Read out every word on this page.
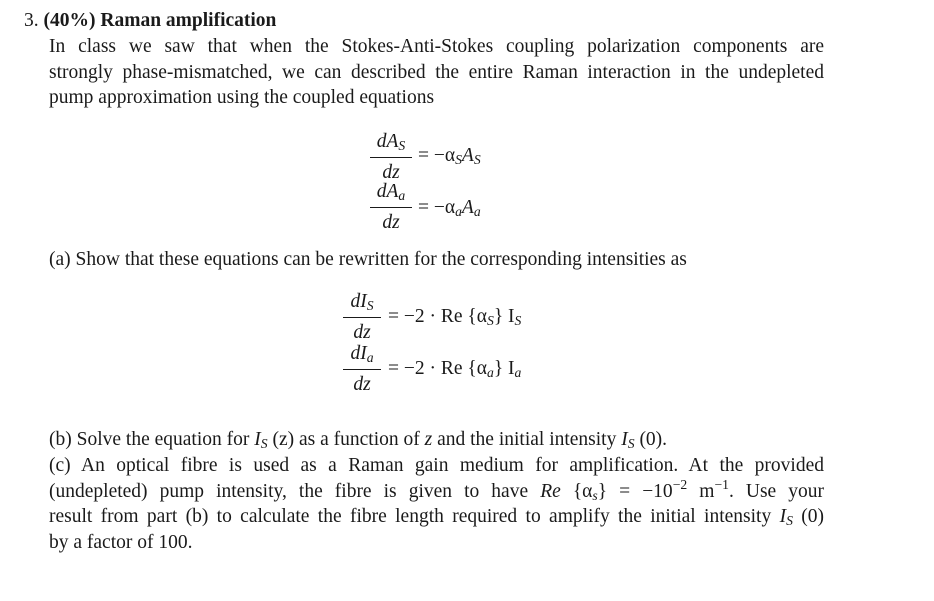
3. (40%) Raman amplification
In class we saw that when the Stokes-Anti-Stokes coupling polarization components are
strongly phase-mismatched, we can described the entire Raman interaction in the undepleted
pump approximation using the coupled equations
$dA_S$
dz
= $-\alpha_SA_S$
$dA_a$
dz
= $-\alpha_aA_a$
(a) Show that these equations can be rewritten for the corresponding intensities as
$dI_S$
dz
= −2 · Re $\{\alpha_S\}$ $I_S$
$dI_a$
dz
= −2 · Re $\{\alpha_a\}$ $I_a$
(b) Solve the equation for $I_S$ (z) as a function of z and the initial intensity $I_S$ (0).
(c) An optical fibre is used as a Raman gain medium for amplification. At the provided
(undepleted) pump intensity, the fibre is given to have Re $\{\alpha_s\} = -10^{-2}$ $m^{-1}$. Use your
result from part (b) to calculate the fibre length required to amplify the initial intensity $I_S$ (0)
by a factor of 100.
